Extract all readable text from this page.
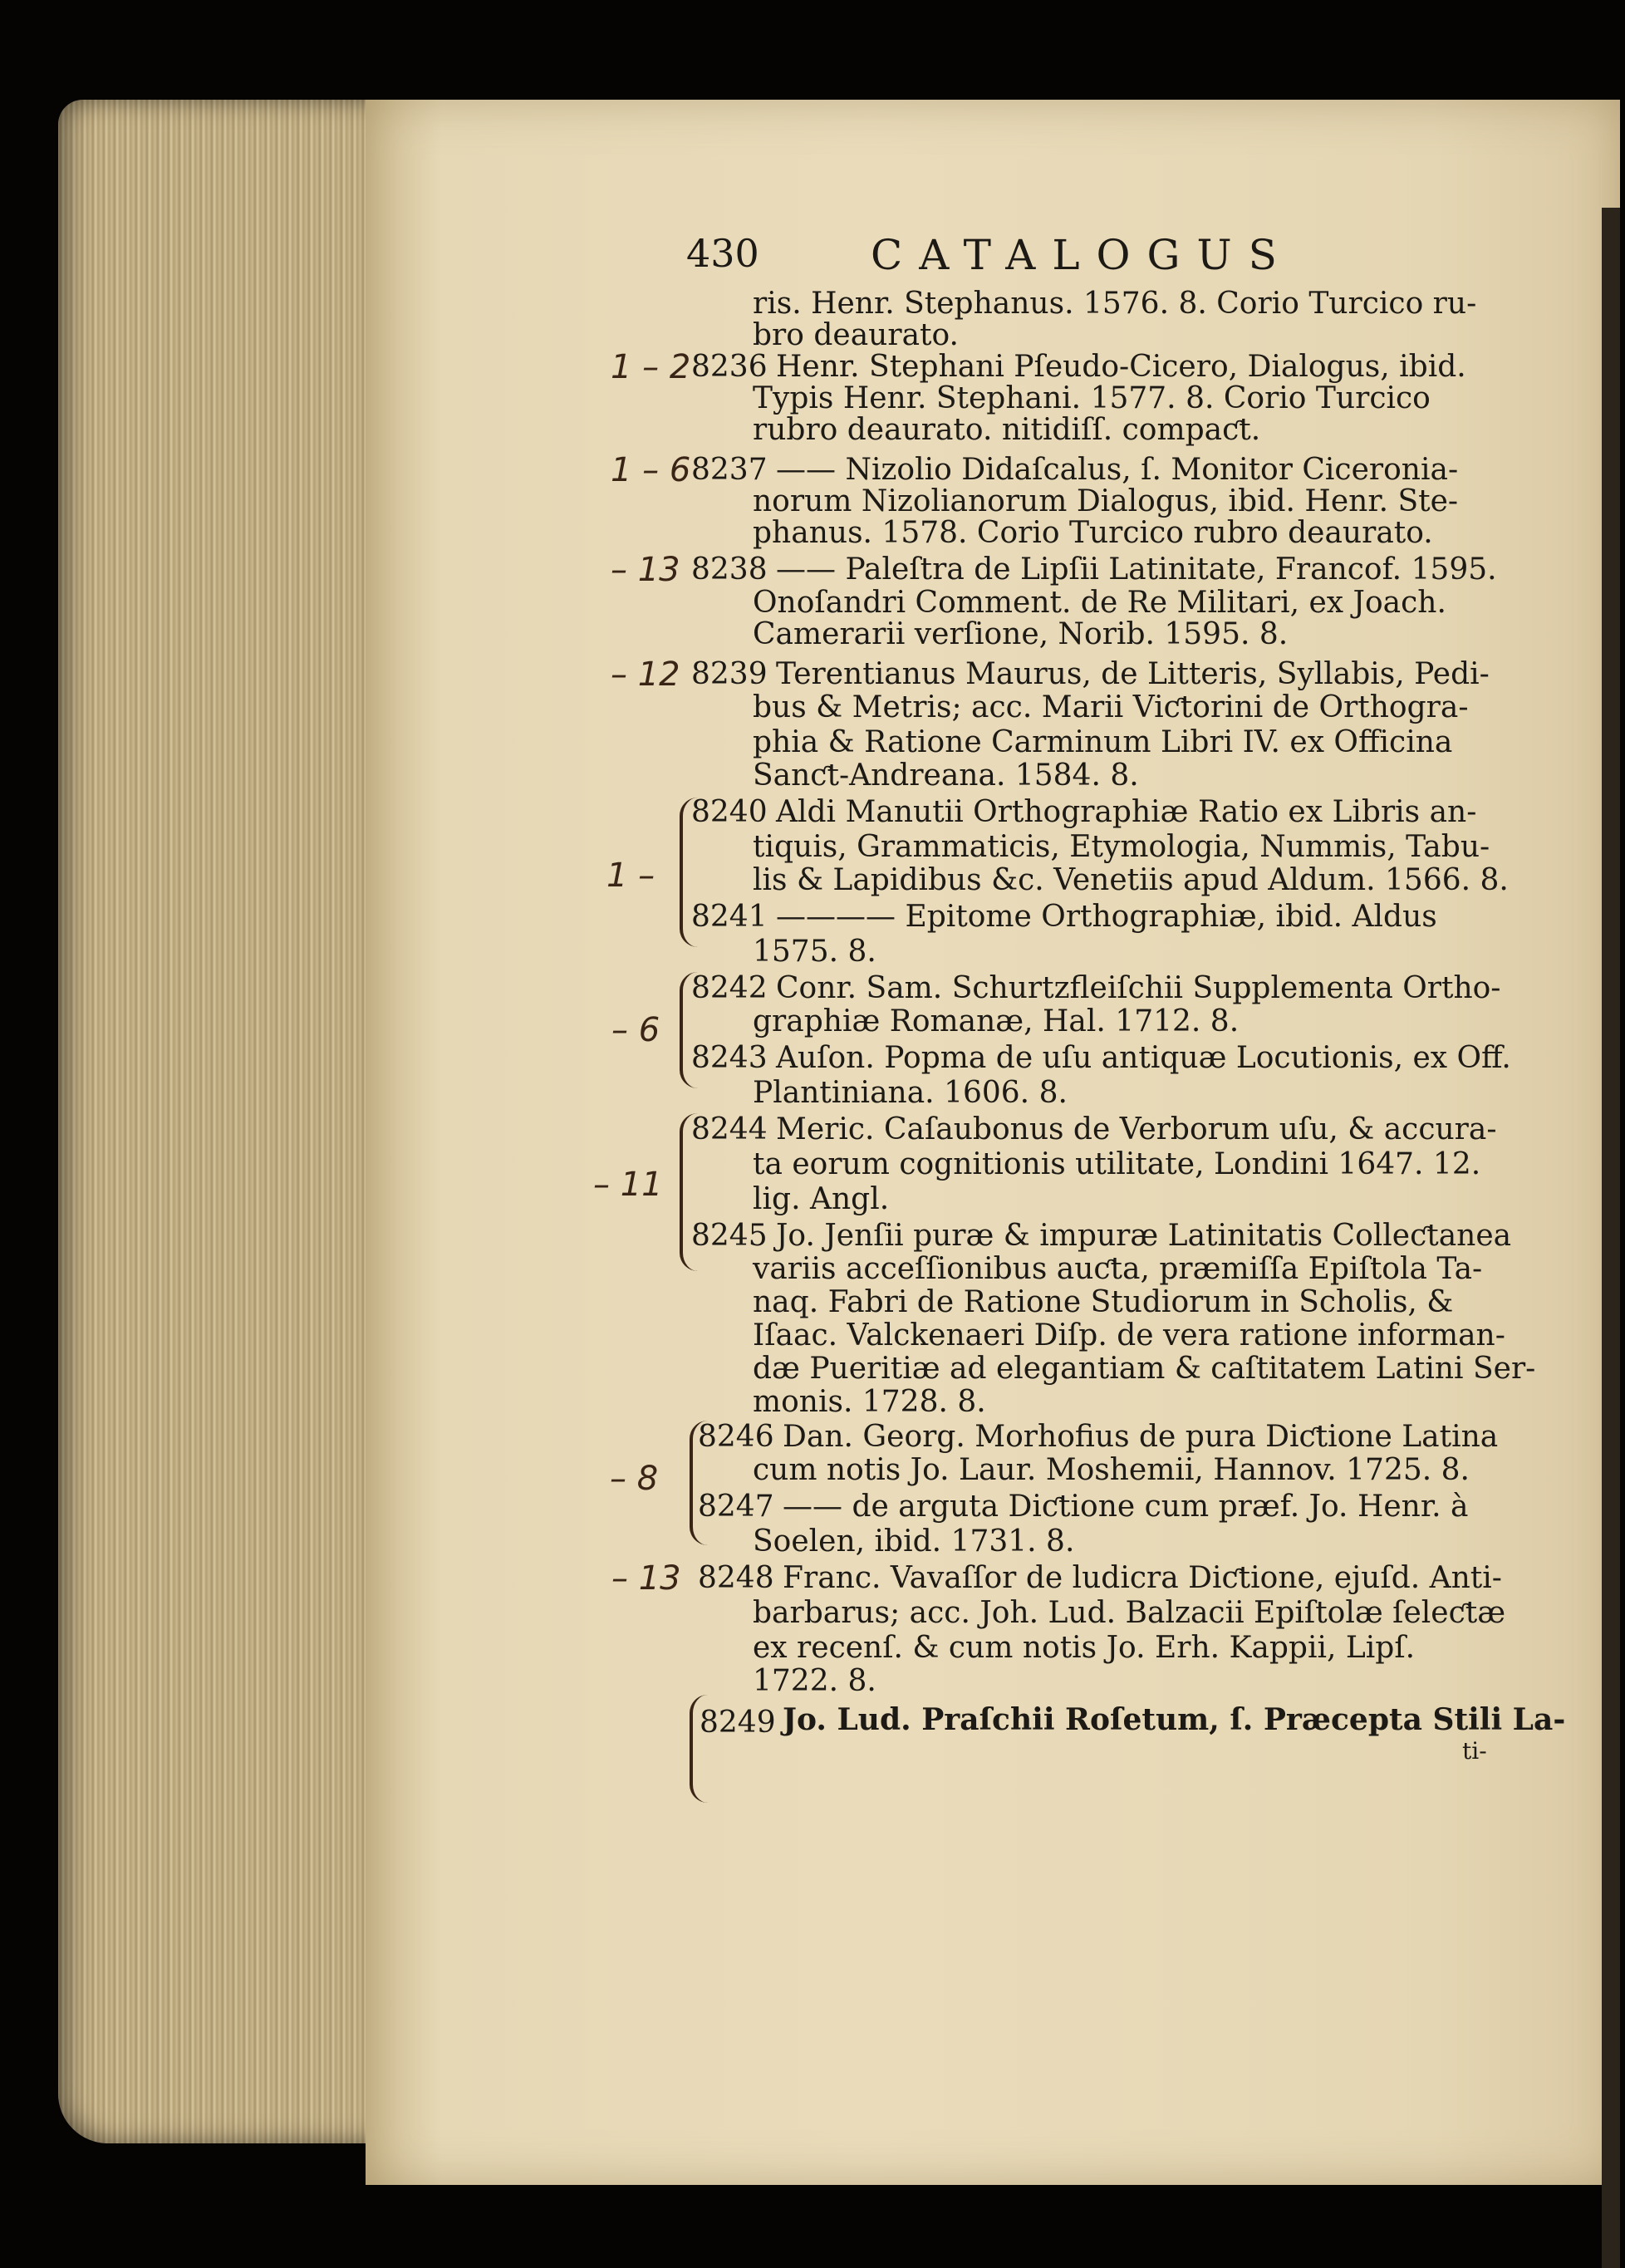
430	CATALOGUS
ris. Henr. Stephanus. 1576. 8. Corio Turcico ru-
bro deaurato.
1 – 2 8236 Henr. Stephani Pſeudo-Cicero, Dialogus, ibid.
Typis Henr. Stephani. 1577. 8. Corio Turcico
rubro deaurato. nitidiſſ. compaƈt.
1 – 6 8237 —— Nizolio Didaſcalus, ſ. Monitor Ciceronia-
norum Nizolianorum Dialogus, ibid. Henr. Ste-
phanus. 1578. Corio Turcico rubro deaurato.
– 13 8238 —— Paleſtra de Lipſii Latinitate, Francof. 1595.
Onoſandri Comment. de Re Militari, ex Joach.
Camerarii verſione, Norib. 1595. 8.
– 12 8239 Terentianus Maurus, de Litteris, Syllabis, Pedi-
bus & Metris; acc. Marii Viƈtorini de Orthogra-
phia & Ratione Carminum Libri IV. ex Officina
Sanƈt-Andreana. 1584. 8.
1 –
8240 Aldi Manutii Orthographiæ Ratio ex Libris an-
tiquis, Grammaticis, Etymologia, Nummis, Tabu-
lis & Lapidibus &c. Venetiis apud Aldum. 1566. 8.
8241 ———— Epitome Orthographiæ, ibid. Aldus
1575. 8.
– 6
8242 Conr. Sam. Schurtzfleiſchii Supplementa Ortho-
graphiæ Romanæ, Hal. 1712. 8.
8243 Auſon. Popma de uſu antiquæ Locutionis, ex Off.
Plantiniana. 1606. 8.
– 11
8244 Meric. Caſaubonus de Verborum uſu, & accura-
ta eorum cognitionis utilitate, Londini 1647. 12.
lig. Angl.
8245 Jo. Jenſii puræ & impuræ Latinitatis Colleƈtanea
variis acceſſionibus auƈta, præmiſſa Epiſtola Ta-
naq. Fabri de Ratione Studiorum in Scholis, &
Iſaac. Valckenaeri Diſp. de vera ratione informan-
dæ Pueritiæ ad elegantiam & caſtitatem Latini Ser-
monis. 1728. 8.
– 8
8246 Dan. Georg. Morhofius de pura Diƈtione Latina
cum notis Jo. Laur. Moshemii, Hannov. 1725. 8.
8247 —— de arguta Diƈtione cum præf. Jo. Henr. à
Soelen, ibid. 1731. 8.
– 13 8248 Franc. Vavaſſor de ludicra Diƈtione, ejuſd. Anti-
barbarus; acc. Joh. Lud. Balzacii Epiſtolæ ſeleƈtæ
ex recenſ. & cum notis Jo. Erh. Kappii, Lipſ.
1722. 8.
8249 Jo. Lud. Praſchii Roſetum, ſ. Præcepta Stili La-
ti-
